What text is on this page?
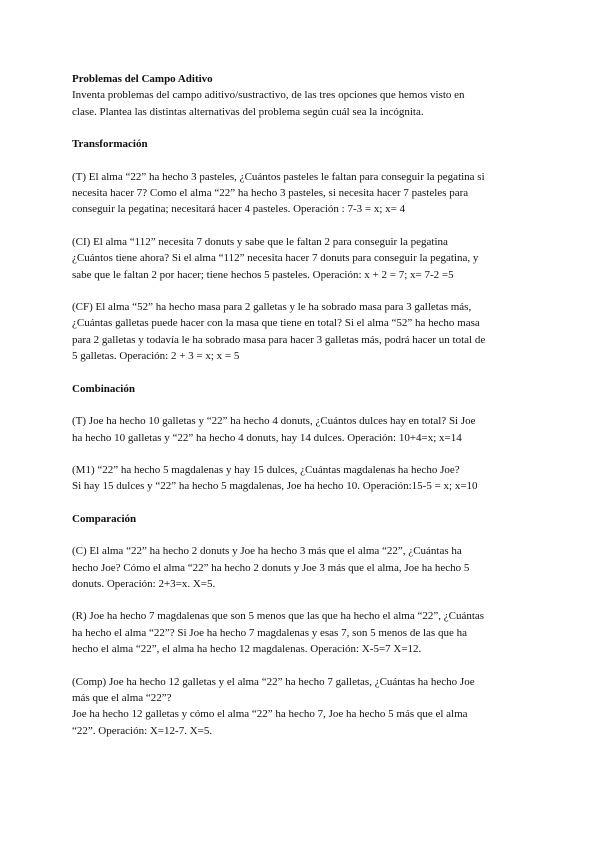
Problemas del Campo Aditivo

Inventa problemas del campo aditivo/sustractivo, de las tres opciones que hemos visto en

clase. Plantea las distintas alternativas del problema según cuál sea la incógnita.

Transformación

(T) El alma “22” ha hecho 3 pasteles, ¿Cuántos pasteles le faltan para conseguir la pegatina si
necesita hacer 7? Como el alma “22” ha hecho 3 pasteles, si necesita hacer 7 pasteles para
conseguir la pegatina; necesitará hacer 4 pasteles. Operación : 7-3 = x; x= 4
(CI) El alma “112” necesita 7 donuts y sabe que le faltan 2 para conseguir la pegatina
¿Cuántos tiene ahora? Si el alma “112” necesita hacer 7 donuts para conseguir la pegatina, y
sabe que le faltan 2 por hacer; tiene hechos 5 pasteles. Operación: x + 2 = 7; x= 7-2 =5
(CF) El alma “52” ha hecho masa para 2 galletas y le ha sobrado masa para 3 galletas más,
¿Cuántas galletas puede hacer con la masa que tiene en total? Si el alma “52” ha hecho masa
para 2 galletas y todavía le ha sobrado masa para hacer 3 galletas más, podrá hacer un total de
5 galletas. Operación: 2 + 3 = x; x = 5

Combinación

(T) Joe ha hecho 10 galletas y “22” ha hecho 4 donuts, ¿Cuántos dulces hay en total? Si Joe
ha hecho 10 galletas y “22” ha hecho 4 donuts, hay 14 dulces. Operación: 10+4=x; x=14
(M1) “22” ha hecho 5 magdalenas y hay 15 dulces, ¿Cuántas magdalenas ha hecho Joe?
Si hay 15 dulces y “22” ha hecho 5 magdalenas, Joe ha hecho 10. Operación:15-5 = x; x=10

Comparación

(C) El alma “22” ha hecho 2 donuts y Joe ha hecho 3 más que el alma “22”, ¿Cuántas ha
hecho Joe? Cómo el alma “22” ha hecho 2 donuts y Joe 3 más que el alma, Joe ha hecho 5
donuts. Operación: 2+3=x. X=5.
(R) Joe ha hecho 7 magdalenas que son 5 menos que las que ha hecho el alma “22”, ¿Cuántas
ha hecho el alma “22”? Si Joe ha hecho 7 magdalenas y esas 7, son 5 menos de las que ha
hecho el alma “22”, el alma ha hecho 12 magdalenas. Operación: X-5=7 X=12.
(Comp) Joe ha hecho 12 galletas y el alma “22” ha hecho 7 galletas, ¿Cuántas ha hecho Joe
más que el alma “22”?
Joe ha hecho 12 galletas y cómo el alma “22” ha hecho 7, Joe ha hecho 5 más que el alma
“22”. Operación: X=12-7. X=5.
